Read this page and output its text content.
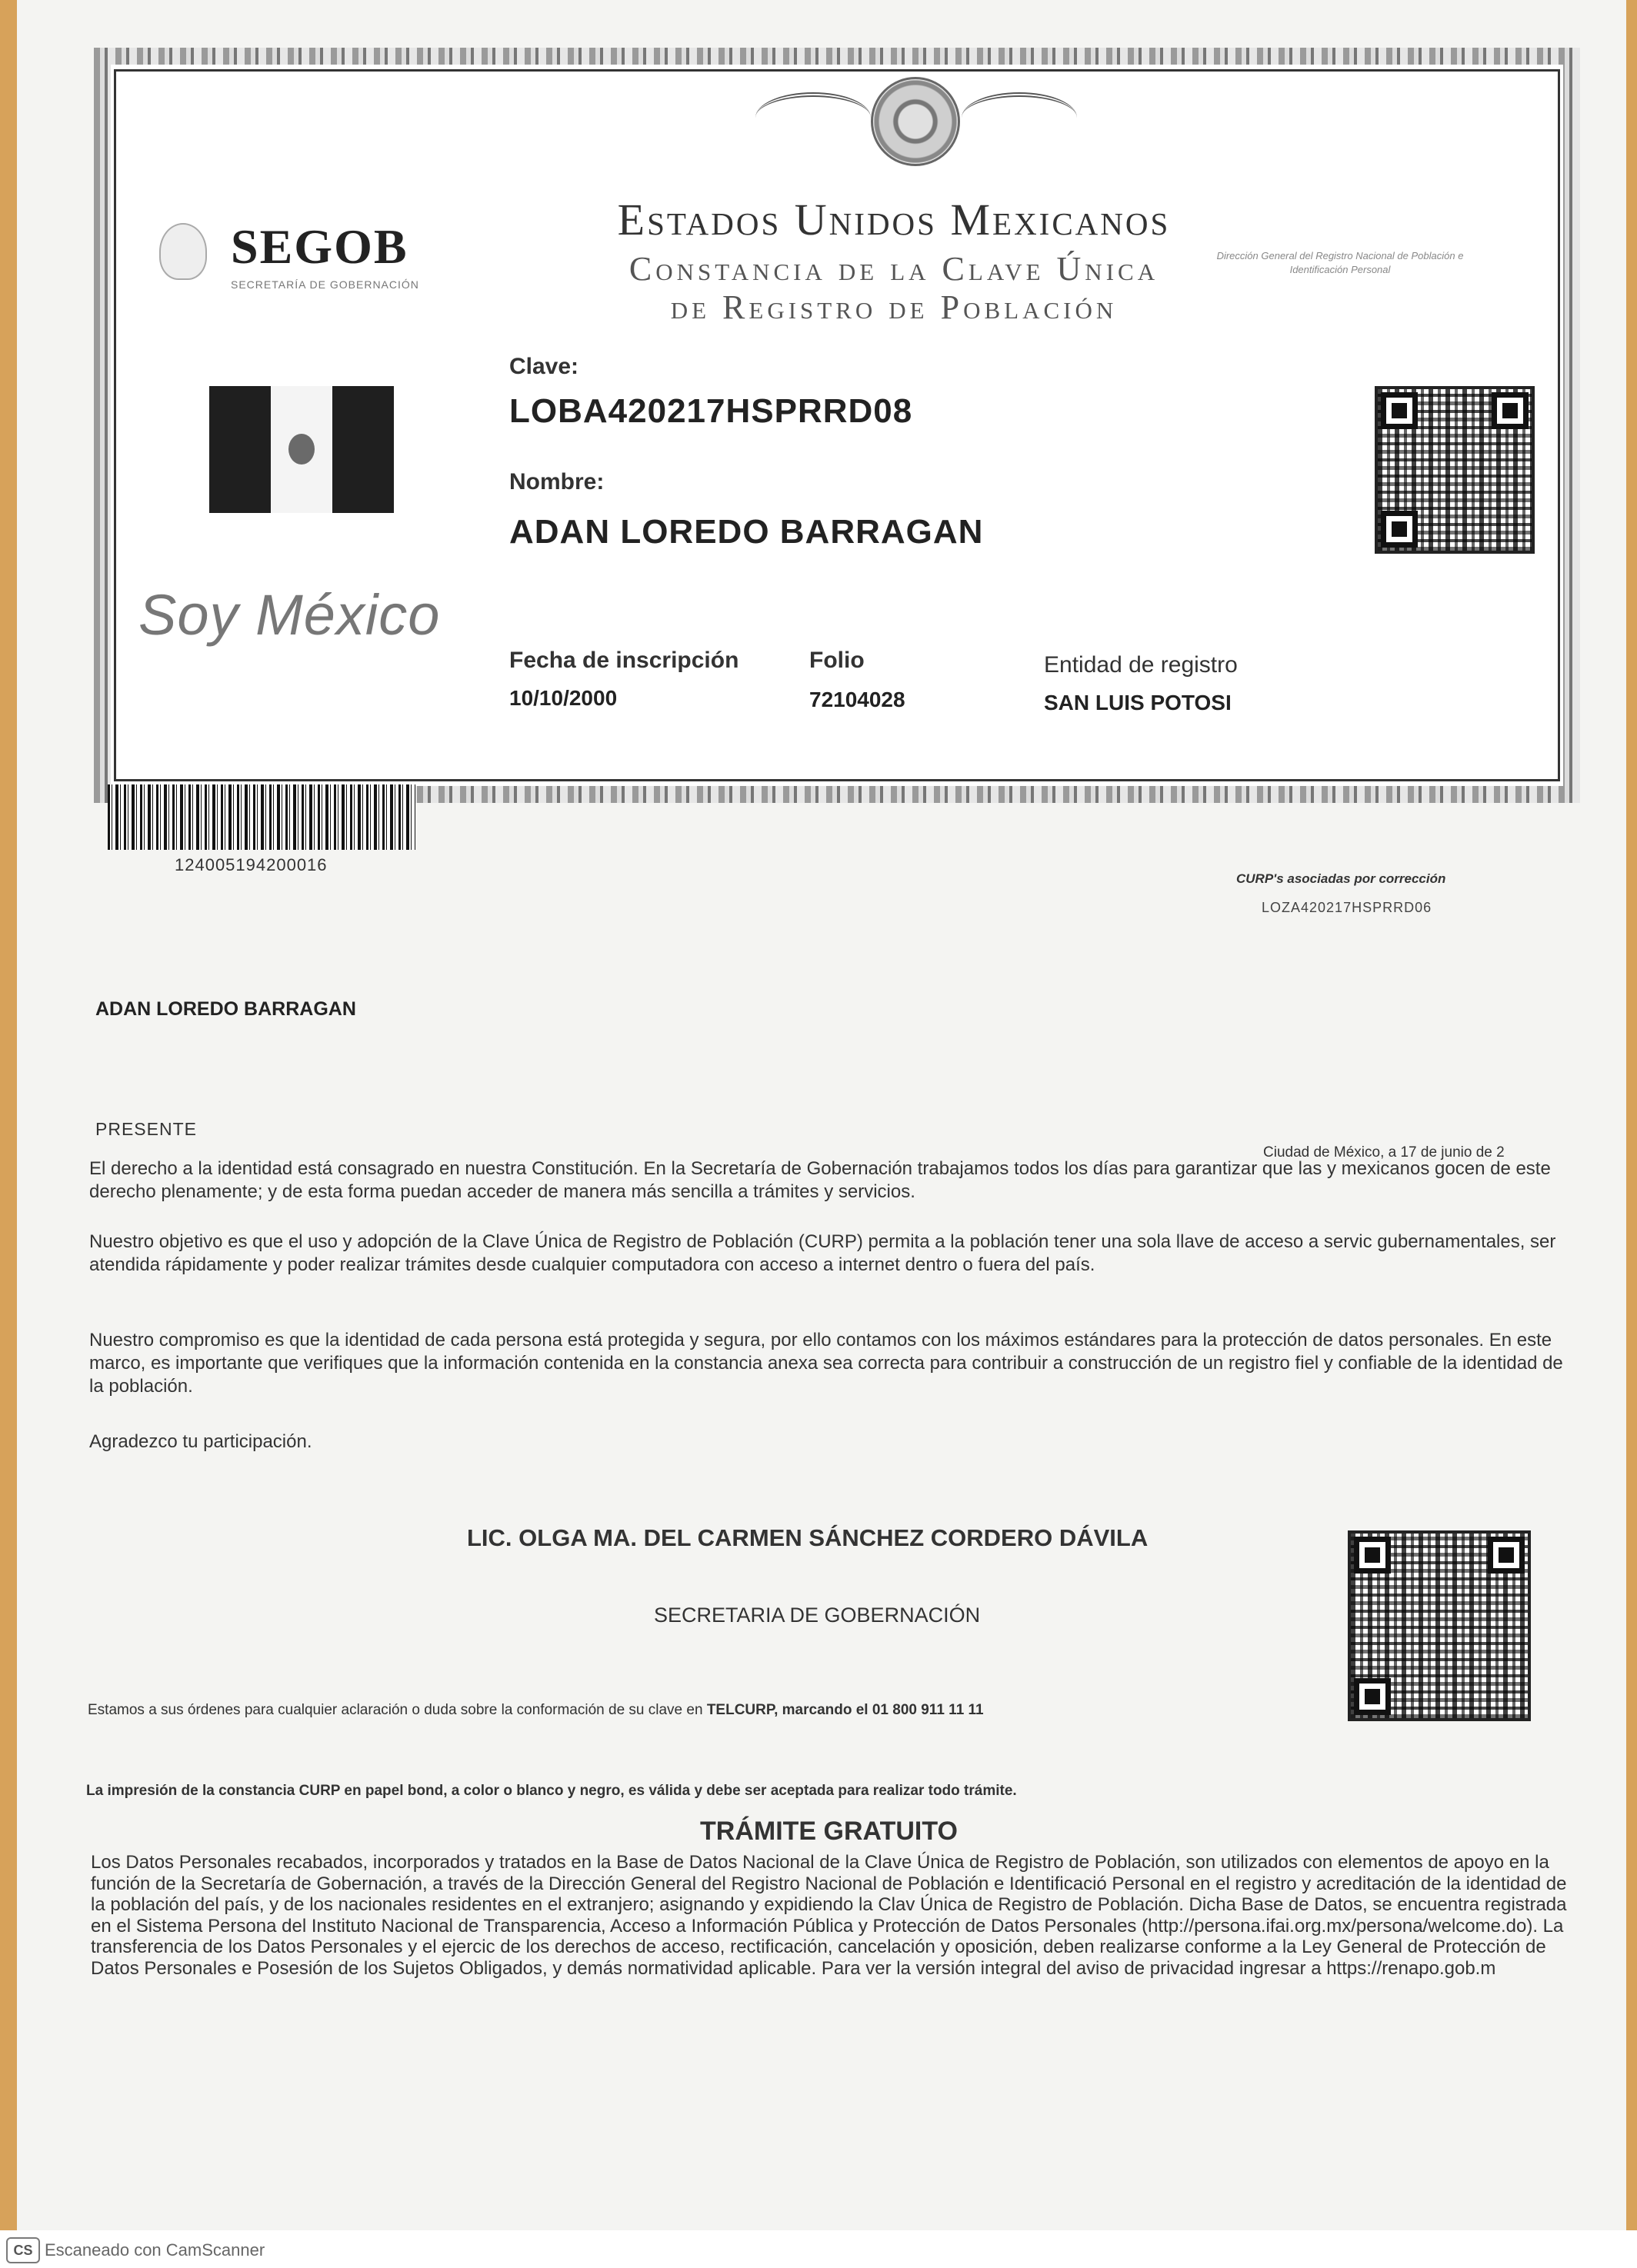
SEGOB
SECRETARÍA DE GOBERNACIÓN
Estados Unidos Mexicanos
Constancia de la Clave Única
de Registro de Población
Dirección General del Registro Nacional de Población e Identificación Personal
Soy México
Clave:
LOBA420217HSPRRD08
Nombre:
ADAN LOREDO BARRAGAN
Fecha de inscripción
10/10/2000
Folio
72104028
Entidad de registro
SAN LUIS POTOSI
124005194200016
CURP's asociadas por corrección
LOZA420217HSPRRD06
ADAN LOREDO BARRAGAN
PRESENTE
Ciudad de México, a 17 de junio de 2
El derecho a la identidad está consagrado en nuestra Constitución. En la Secretaría de Gobernación trabajamos todos los días para garantizar que las y mexicanos gocen de este derecho plenamente; y de esta forma puedan acceder de manera más sencilla a trámites y servicios.
Nuestro objetivo es que el uso y adopción de la Clave Única de Registro de Población (CURP) permita a la población tener una sola llave de acceso a servic gubernamentales, ser atendida rápidamente y poder realizar trámites desde cualquier computadora con acceso a internet dentro o fuera del país.
Nuestro compromiso es que la identidad de cada persona está protegida y segura, por ello contamos con los máximos estándares para la protección de datos personales. En este marco, es importante que verifiques que la información contenida en la constancia anexa sea correcta para contribuir a construcción de un registro fiel y confiable de la identidad de la población.
Agradezco tu participación.
LIC. OLGA MA. DEL CARMEN SÁNCHEZ CORDERO DÁVILA
SECRETARIA DE GOBERNACIÓN
Estamos a sus órdenes para cualquier aclaración o duda sobre la conformación de su clave en TELCURP, marcando el 01 800 911 11 11
La impresión de la constancia CURP en papel bond, a color o blanco y negro, es válida y debe ser aceptada para realizar todo trámite.
TRÁMITE GRATUITO
Los Datos Personales recabados, incorporados y tratados en la Base de Datos Nacional de la Clave Única de Registro de Población, son utilizados con elementos de apoyo en la función de la Secretaría de Gobernación, a través de la Dirección General del Registro Nacional de Población e Identificació Personal en el registro y acreditación de la identidad de la población del país, y de los nacionales residentes en el extranjero; asignando y expidiendo la Clav Única de Registro de Población. Dicha Base de Datos, se encuentra registrada en el Sistema Persona del Instituto Nacional de Transparencia, Acceso a Información Pública y Protección de Datos Personales (http://persona.ifai.org.mx/persona/welcome.do). La transferencia de los Datos Personales y el ejercic de los derechos de acceso, rectificación, cancelación y oposición, deben realizarse conforme a la Ley General de Protección de Datos Personales e Posesión de los Sujetos Obligados, y demás normatividad aplicable. Para ver la versión integral del aviso de privacidad ingresar a https://renapo.gob.m
CS Escaneado con CamScanner
